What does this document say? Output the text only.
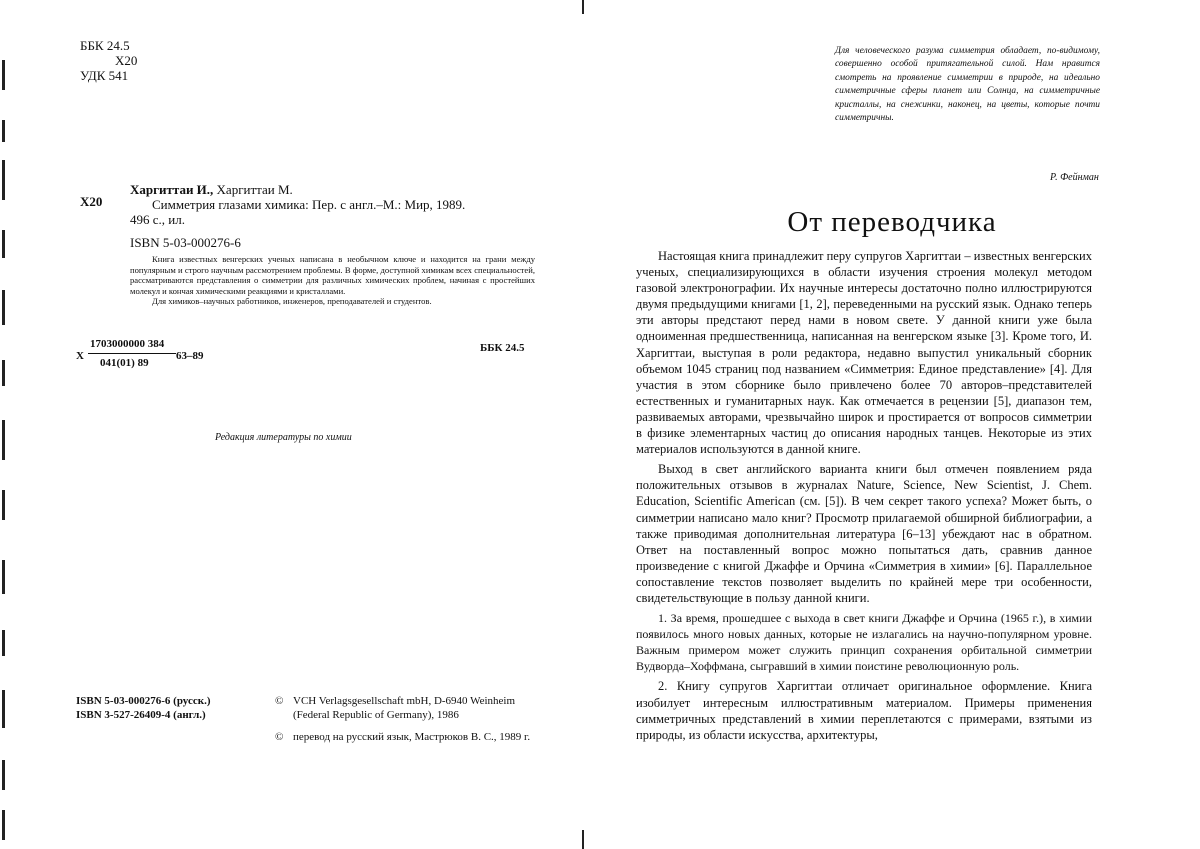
ББК 24.5
Х20
УДК 541
Х20
Харгиттаи И., Харгиттаи М.
Симметрия глазами химика: Пер. с англ.–М.: Мир, 1989.
496 с., ил.
ISBN 5-03-000276-6

Книга известных венгерских ученых написана в необычном ключе и находится на грани между популярным и строго научным рассмотрением проблемы. В форме, доступной химикам всех специальностей, рассматриваются представления о симметрии для различных химических проблем, начиная с простейших молекул и кончая химическими реакциями и кристаллами.

Для химиков–научных работников, инженеров, преподавателей и студентов.

Х
1703000000 384
041(01) 89
63–89
ББК 24.5
Редакция литературы по химии
ISBN 5-03-000276-6 (русск.)
ISBN 3-527-26409-4 (англ.)
© VCH Verlagsgesellschaft mbH, D-6940 Weinheim (Federal Republic of Germany), 1986
© перевод на русский язык, Мастрюков В. С., 1989 г.
Для человеческого разума симметрия обладает, по-видимому, совершенно особой притягательной силой. Нам нравится смотреть на проявление симметрии в природе, на идеально симметричные сферы планет или Солнца, на симметричные кристаллы, на снежинки, наконец, на цветы, которые почти симметричны.
Р. Фейнман
От переводчика

Настоящая книга принадлежит перу супругов Харгиттаи – известных венгерских ученых, специализирующихся в области изучения строения молекул методом газовой электронографии. Их научные интересы достаточно полно иллюстрируются двумя предыдущими книгами [1, 2], переведенными на русский язык. Однако теперь эти авторы предстают перед нами в новом свете. У данной книги уже была одноименная предшественница, написанная на венгерском языке [3]. Кроме того, И. Харгиттаи, выступая в роли редактора, недавно выпустил уникальный сборник объемом 1045 страниц под названием «Симметрия: Единое представление» [4]. Для участия в этом сборнике было привлечено более 70 авторов–представителей естественных и гуманитарных наук. Как отмечается в рецензии [5], диапазон тем, развиваемых авторами, чрезвычайно широк и простирается от вопросов симметрии в физике элементарных частиц до описания народных танцев. Некоторые из этих материалов используются в данной книге.

Выход в свет английского варианта книги был отмечен появлением ряда положительных отзывов в журналах Nature, Science, New Scientist, J. Chem. Education, Scientific American (см. [5]). В чем секрет такого успеха? Может быть, о симметрии написано мало книг? Просмотр прилагаемой обширной библиографии, а также приводимая дополнительная литература [6–13] убеждают нас в обратном. Ответ на поставленный вопрос можно попытаться дать, сравнив данное произведение с книгой Джаффе и Орчина «Симметрия в химии» [6]. Параллельное сопоставление текстов позволяет выделить по крайней мере три особенности, свидетельствующие в пользу данной книги.

1. За время, прошедшее с выхода в свет книги Джаффе и Орчина (1965 г.), в химии появилось много новых данных, которые не излагались на научно-популярном уровне. Важным примером может служить принцип сохранения орбитальной симметрии Вудворда–Хоффмана, сыгравший в химии поистине революционную роль.

2. Книгу супругов Харгиттаи отличает оригинальное оформление. Книга изобилует интересным иллюстративным материалом. Примеры применения симметричных представлений в химии переплетаются с примерами, взятыми из природы, из области искусства, архитектуры,
